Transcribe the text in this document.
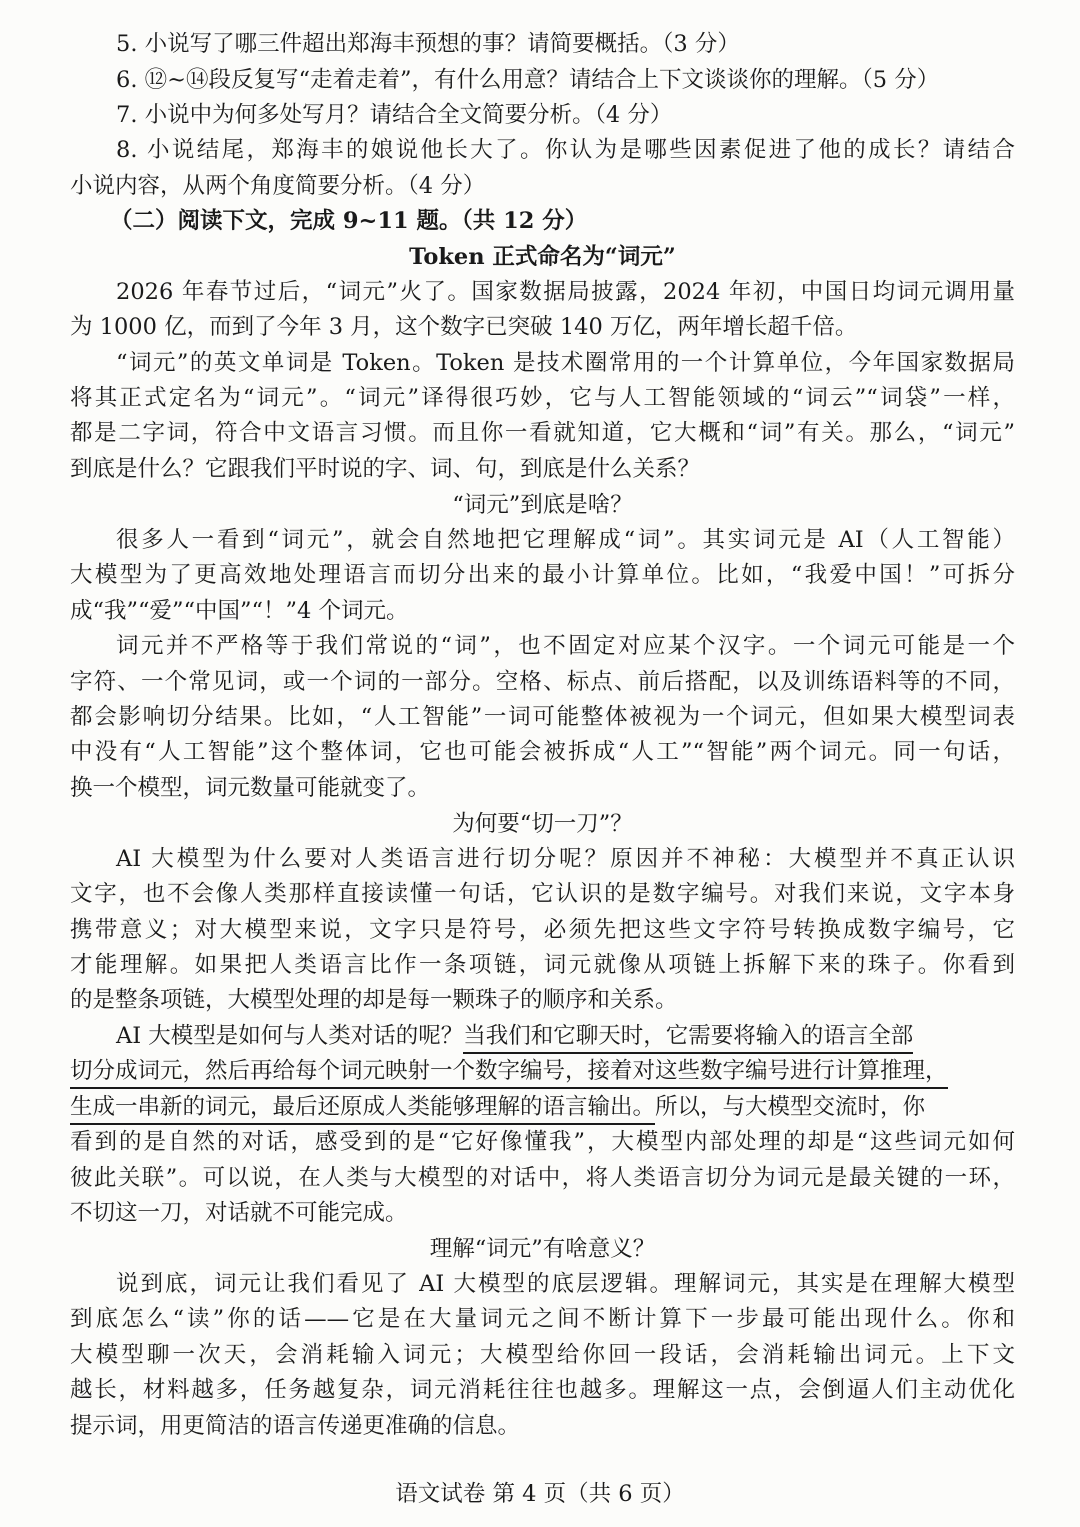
5. 小说写了哪三件超出郑海丰预想的事？请简要概括。（3 分）
6. ⑫~⑭段反复写“走着走着”，有什么用意？请结合上下文谈谈你的理解。（5 分）
7. 小说中为何多处写月？请结合全文简要分析。（4 分）
8. 小说结尾，郑海丰的娘说他长大了。你认为是哪些因素促进了他的成长？请结合
小说内容，从两个角度简要分析。（4 分）
（二）阅读下文，完成 9~11 题。（共 12 分）
Token 正式命名为“词元”
2026 年春节过后，“词元”火了。国家数据局披露，2024 年初，中国日均词元调用量
为 1000 亿，而到了今年 3 月，这个数字已突破 140 万亿，两年增长超千倍。
“词元”的英文单词是 Token。Token 是技术圈常用的一个计算单位，今年国家数据局
将其正式定名为“词元”。“词元”译得很巧妙，它与人工智能领域的“词云”“词袋”一样，
都是二字词，符合中文语言习惯。而且你一看就知道，它大概和“词”有关。那么，“词元”
到底是什么？它跟我们平时说的字、词、句，到底是什么关系？
“词元”到底是啥？
很多人一看到“词元”，就会自然地把它理解成“词”。其实词元是 AI（人工智能）
大模型为了更高效地处理语言而切分出来的最小计算单位。比如，“我爱中国！”可拆分
成“我”“爱”“中国”“！”4 个词元。
词元并不严格等于我们常说的“词”，也不固定对应某个汉字。一个词元可能是一个
字符、一个常见词，或一个词的一部分。空格、标点、前后搭配，以及训练语料等的不同，
都会影响切分结果。比如，“人工智能”一词可能整体被视为一个词元，但如果大模型词表
中没有“人工智能”这个整体词，它也可能会被拆成“人工”“智能”两个词元。同一句话，
换一个模型，词元数量可能就变了。
为何要“切一刀”？
AI 大模型为什么要对人类语言进行切分呢？原因并不神秘：大模型并不真正认识
文字，也不会像人类那样直接读懂一句话，它认识的是数字编号。对我们来说，文字本身
携带意义；对大模型来说，文字只是符号，必须先把这些文字符号转换成数字编号，它
才能理解。如果把人类语言比作一条项链，词元就像从项链上拆解下来的珠子。你看到
的是整条项链，大模型处理的却是每一颗珠子的顺序和关系。
AI 大模型是如何与人类对话的呢？当我们和它聊天时，它需要将输入的语言全部
切分成词元，然后再给每个词元映射一个数字编号，接着对这些数字编号进行计算推理，
生成一串新的词元，最后还原成人类能够理解的语言输出。所以，与大模型交流时，你
看到的是自然的对话，感受到的是“它好像懂我”，大模型内部处理的却是“这些词元如何
彼此关联”。可以说，在人类与大模型的对话中，将人类语言切分为词元是最关键的一环，
不切这一刀，对话就不可能完成。
理解“词元”有啥意义？
说到底，词元让我们看见了 AI 大模型的底层逻辑。理解词元，其实是在理解大模型
到底怎么“读”你的话——它是在大量词元之间不断计算下一步最可能出现什么。你和
大模型聊一次天，会消耗输入词元；大模型给你回一段话，会消耗输出词元。上下文
越长，材料越多，任务越复杂，词元消耗往往也越多。理解这一点，会倒逼人们主动优化
提示词，用更简洁的语言传递更准确的信息。
语文试卷 第 4 页（共 6 页）
